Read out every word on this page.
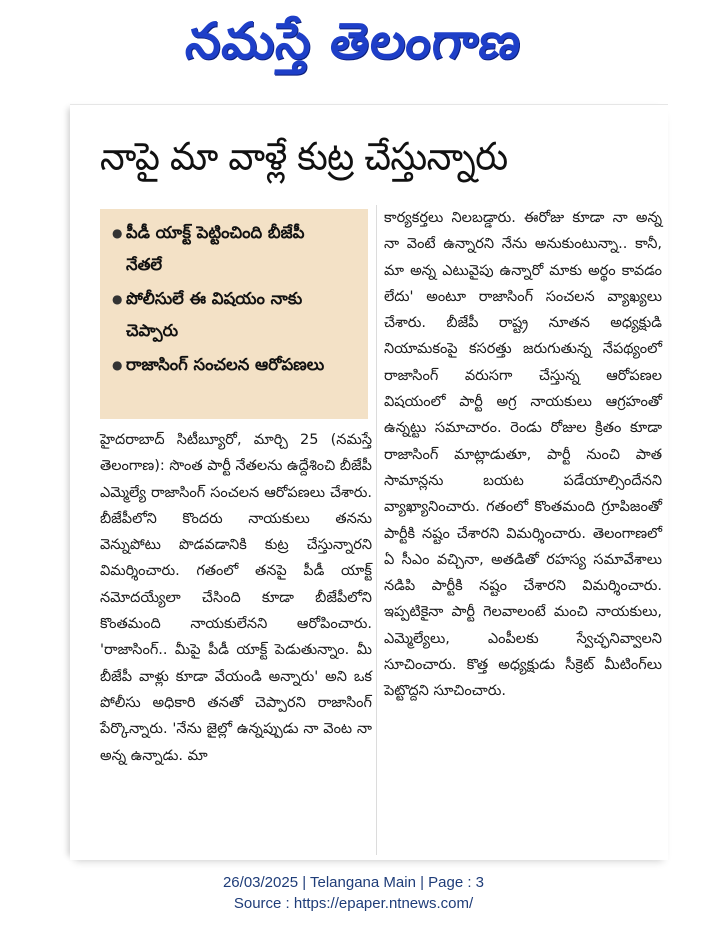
నమస్తే తెలంగాణ
నాపై మా వాళ్లే కుట్ర చేస్తున్నారు
● పీడీ యాక్ట్ పెట్టించింది బీజేపీ నేతలే
● పోలీసులే ఈ విషయం నాకు చెప్పారు
● రాజాసింగ్ సంచలన ఆరోపణలు
హైదరాబాద్ సిటీబ్యూరో, మార్చి 25 (నమస్తే తెలంగాణ): సొంత పార్టీ నేతలను ఉద్దేశించి బీజేపీ ఎమ్మెల్యే రాజాసింగ్ సంచలన ఆరోపణలు చేశారు. బీజేపీలోని కొందరు నాయకులు తనను వెన్నుపోటు పొడవడానికి కుట్ర చేస్తున్నారని విమర్శించారు. గతంలో తనపై పీడీ యాక్ట్ నమోదయ్యేలా చేసింది కూడా బీజేపీలోని కొంతమంది నాయకులేనని ఆరోపించారు. 'రాజాసింగ్.. మీపై పీడీ యాక్ట్ పెడుతున్నాం. మీ బీజేపీ వాళ్లు కూడా వేయండి అన్నారు' అని ఒక పోలీసు అధికారి తనతో చెప్పారని రాజాసింగ్ పేర్కొన్నారు. 'నేను జైల్లో ఉన్నప్పుడు నా వెంట నా అన్న ఉన్నాడు. మా
కార్యకర్తలు నిలబడ్డారు. ఈరోజు కూడా నా అన్న నా వెంటే ఉన్నారని నేను అనుకుంటున్నా.. కానీ, మా అన్న ఎటువైపు ఉన్నారో మాకు అర్థం కావడం లేదు' అంటూ రాజాసింగ్ సంచలన వ్యాఖ్యలు చేశారు. బీజేపీ రాష్ట్ర నూతన అధ్యక్షుడి నియామకంపై కసరత్తు జరుగుతున్న నేపథ్యంలో రాజాసింగ్ వరుసగా చేస్తున్న ఆరోపణల విషయంలో పార్టీ అగ్ర నాయకులు ఆగ్రహంతో ఉన్నట్టు సమాచారం. రెండు రోజుల క్రితం కూడా రాజాసింగ్ మాట్లాడుతూ, పార్టీ నుంచి పాత సామాన్లను బయట పడేయాల్సిందేనని వ్యాఖ్యానించారు. గతంలో కొంతమంది గ్రూపిజంతో పార్టీకి నష్టం చేశారని విమర్శించారు. తెలంగాణలో ఏ సీఎం వచ్చినా, అతడితో రహస్య సమావేశాలు నడిపి పార్టీకి నష్టం చేశారని విమర్శించారు. ఇప్పటికైనా పార్టీ గెలవాలంటే మంచి నాయకులు, ఎమ్మెల్యేలు, ఎంపీలకు స్వేచ్ఛనివ్వాలని సూచించారు. కొత్త అధ్యక్షుడు సీక్రెట్ మీటింగ్‌లు పెట్టొద్దని సూచించారు.
26/03/2025 | Telangana Main | Page : 3
Source : https://epaper.ntnews.com/
